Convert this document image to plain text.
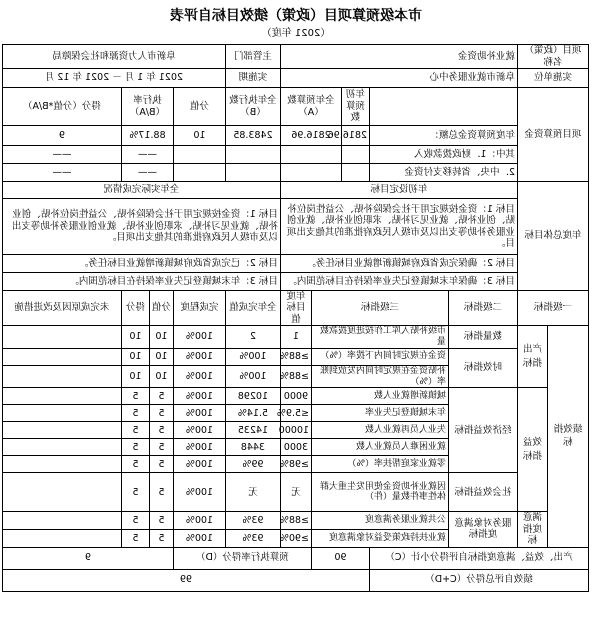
市本级预算项目（政策）绩效目标自评表
（2021 年度）
项目（政策）名称		就业补助资金					主管部门	阜新市人力资源和社会保障局			
实施单位		阜新市就业服务中心					实施期	2021 年 1 月 － 2021 年 12 月			
项目预算资金				年初预算数	全年预算数（A）		全年执行数（B）	分值	执行率（B/A）		得分（分值*B/A）
		年度预算资金总额：		2816.96	2816.96		2483.85	10	88.17%		9
		其中：1．财政拨款收入							——		——
		2．中央、省转移支付资金							——		——
年度总体目标		年初设定目标					全年实际完成情况				
		目标 1：资金按规定用于社会保险补贴、公益性岗位补贴、创业补贴、就业见习补贴、求职创业补贴、就业创业服务补助等支出以及市级人民政府批准的其他支出项目。					目标 1：资金按规定用于社会保险补贴、公益性岗位补贴、创业补贴、就业见习补贴、求职创业补贴、就业创业服务补助等支出以及市级人民政府批准的其他支出项目。				
		目标 2：确保完成省政府城镇新增就业目标任务。					目标 2：已完成省政府城镇新增就业目标任务。				
		目标 3：确保年末城镇登记失业率保持在目标范围内。					目标 3：年末城镇登记失业率保持在目标范围内。				
一级指标		二级指标	三级指标			年度目标值	全年完成值	完成程度	分值	得分	未完成原因及改进措施
绩效指标	产出指标	数量指标	市级补贴入库工作按进度拨款数量			1	2	100%	10	10	
		时效指标	资金在规定时间内下拨率（%）			≥88%	100%	100%	10	10	
			补贴资金在规定时间内发放到账率（%）			≥88%	100%	100%	10	10	
	效益指标	经济效益指标	城镇新增就业人数			9000	10298	100%	5	5	
			年末城镇登记失业率			≤5.9%	5.14%	100%	5	5	
			失业人员再就业人数			10000	14235	100%	5	5	
			就业困难人员就业人数			3000	3448	100%	5	5	
			零就业家庭帮扶率（%）			≥98%	99%	100%	5	5	
		社会效益指标	因就业补助资金使用发生重大群体性事件数量（件）			无	无	100%	5	5	
	满意度指标	服务对象满意度指标	公共就业服务满意度			≥88%	93%	100%	5	5	
			就业扶持政策受益对象满意度			≥90%	93%	100%	5	5	
产出、效益、满意度指标自评得分小计（C）				90		预算执行率得分（D）			9		
绩效自评总得分（C+D）				99							
